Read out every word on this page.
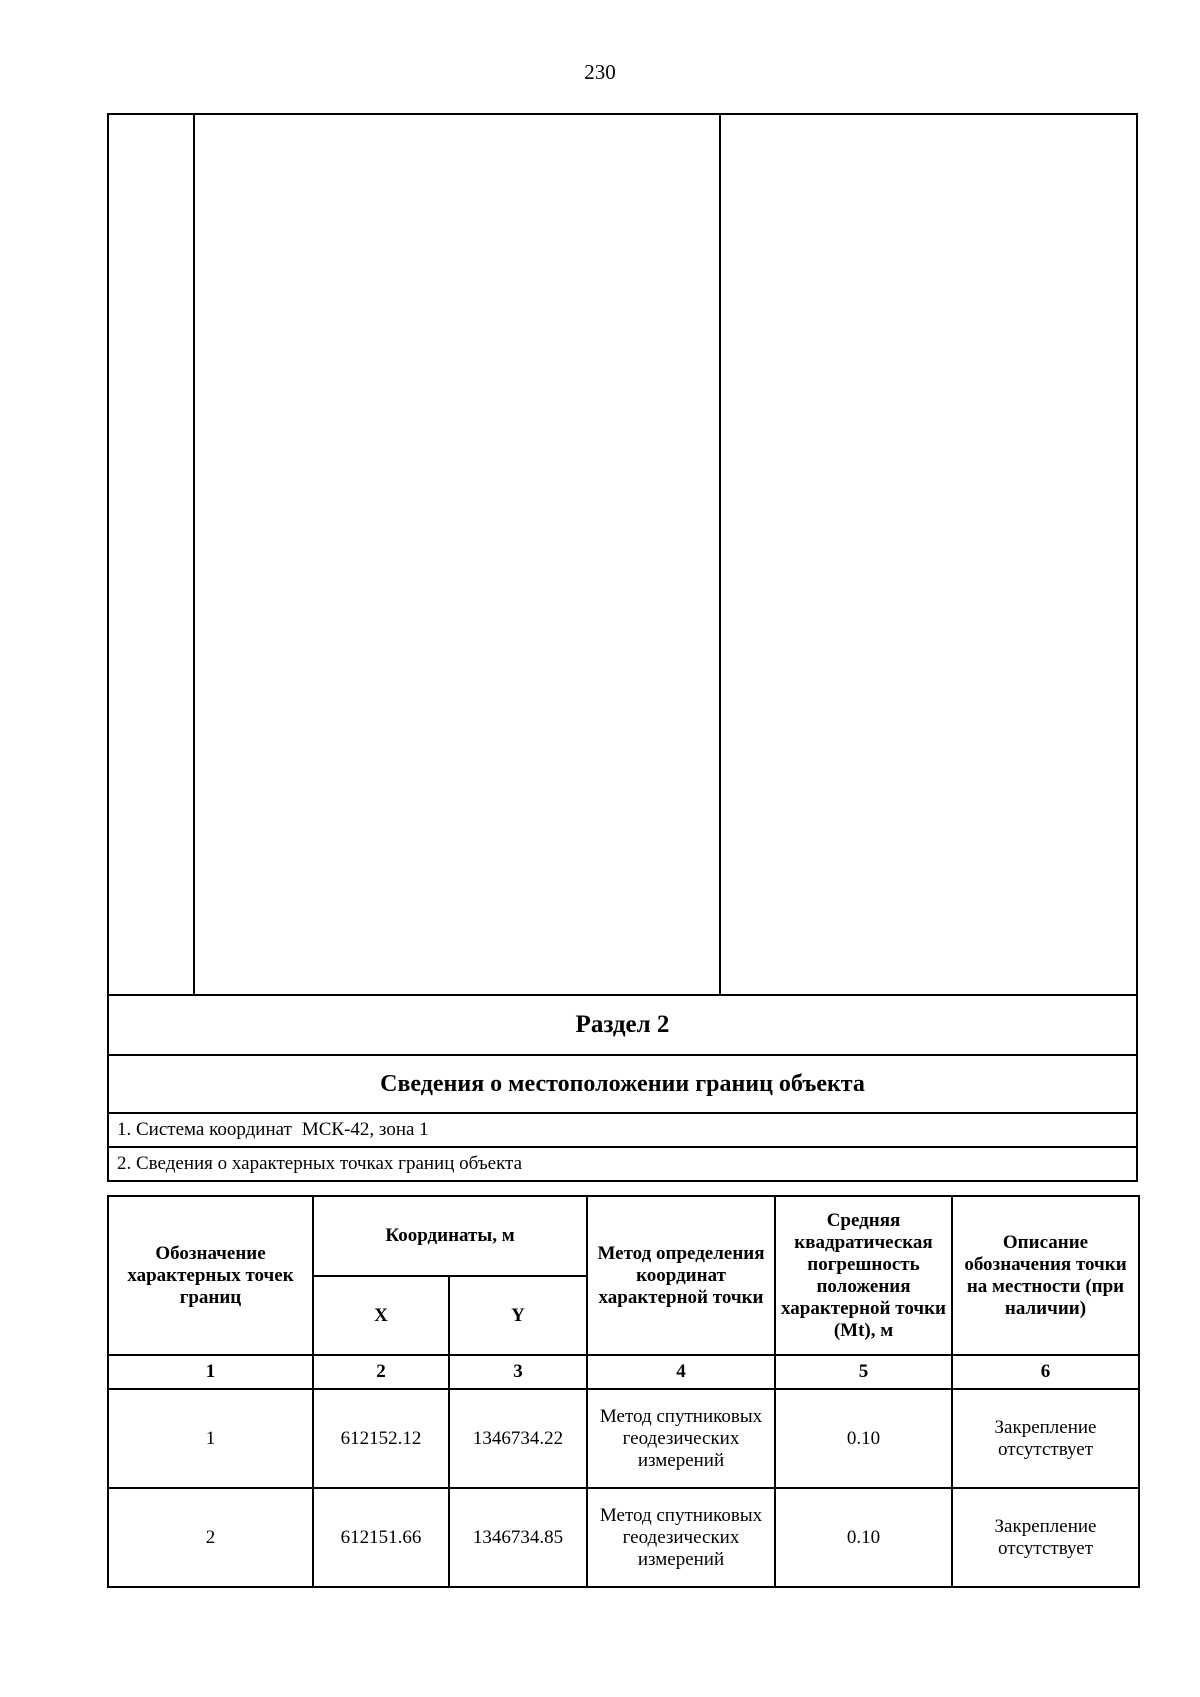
230
Раздел 2
Сведения о местоположении границ объекта
1. Система координат МСК-42, зона 1
2. Сведения о характерных точках границ объекта
Обозначение характерных точек границ	Координаты, м		Метод определения координат характерной точки	Средняя квадратическая погрешность положения характерной точки (Mt), м	Описание обозначения точки на местности (при наличии)
	X	Y			
1	2	3	4	5	6
1	612152.12	1346734.22	Метод спутниковых геодезических измерений	0.10	Закрепление отсутствует
2	612151.66	1346734.85	Метод спутниковых геодезических измерений	0.10	Закрепление отсутствует
